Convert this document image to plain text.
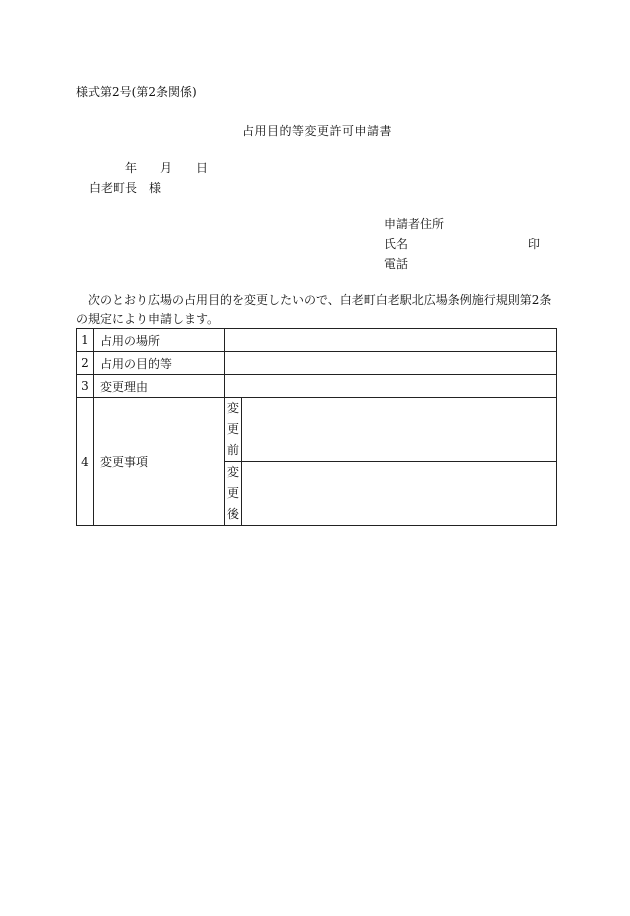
様式第2号(第2条関係)
占用目的等変更許可申請書
年 月 日
白老町長　様
申請者住所
氏名	印
電話
次のとおり広場の占用目的を変更したいので、白老町白老駅北広場条例施行規則第2条の規定により申請します。
1	占用の場所		
2	占用の目的等		
3	変更理由		
4	変更事項	変
更
前	
		変
更
後	
